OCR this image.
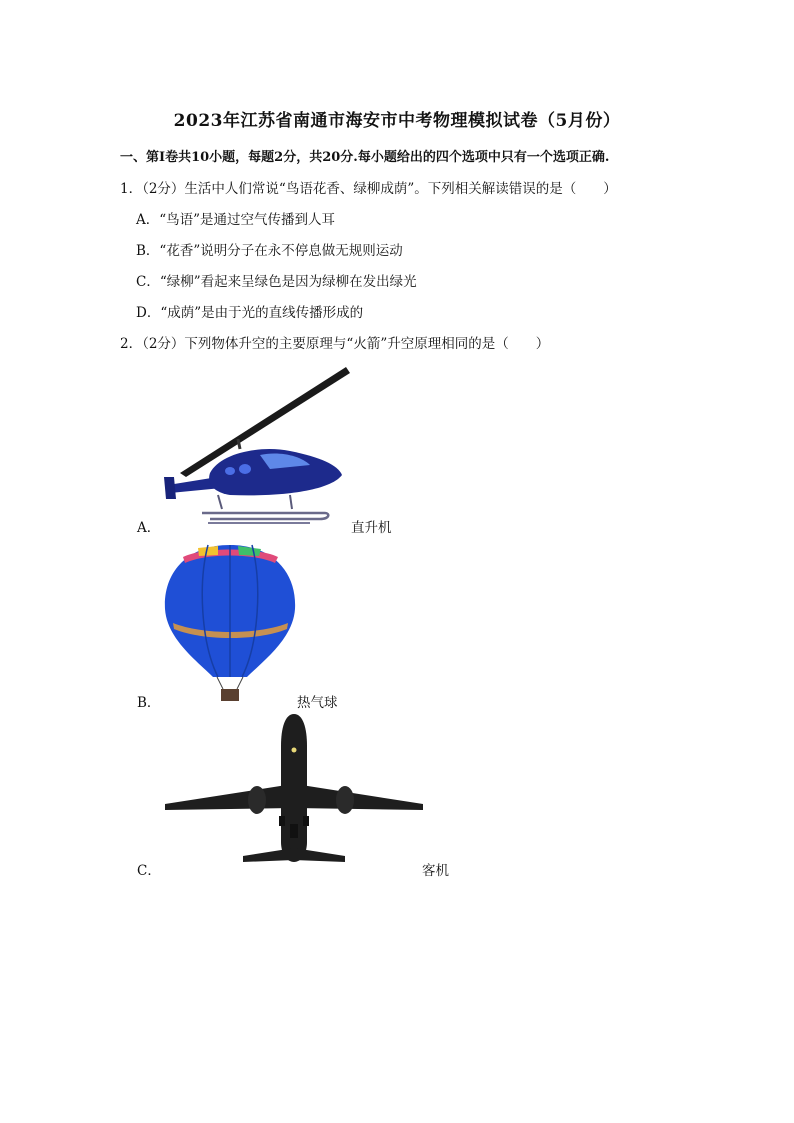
2023年江苏省南通市海安市中考物理模拟试卷（5月份）
一、第Ⅰ卷共10小题，每题2分，共20分.每小题给出的四个选项中只有一个选项正确.
1．（2分）生活中人们常说“鸟语花香、绿柳成荫”。下列相关解读错误的是（　　）
A．“鸟语”是通过空气传播到人耳
B．“花香”说明分子在永不停息做无规则运动
C．“绿柳”看起来呈绿色是因为绿柳在发出绿光
D．“成荫”是由于光的直线传播形成的
2．（2分）下列物体升空的主要原理与“火箭”升空原理相同的是（　　）
A．	直升机
B．	热气球
C．	客机
